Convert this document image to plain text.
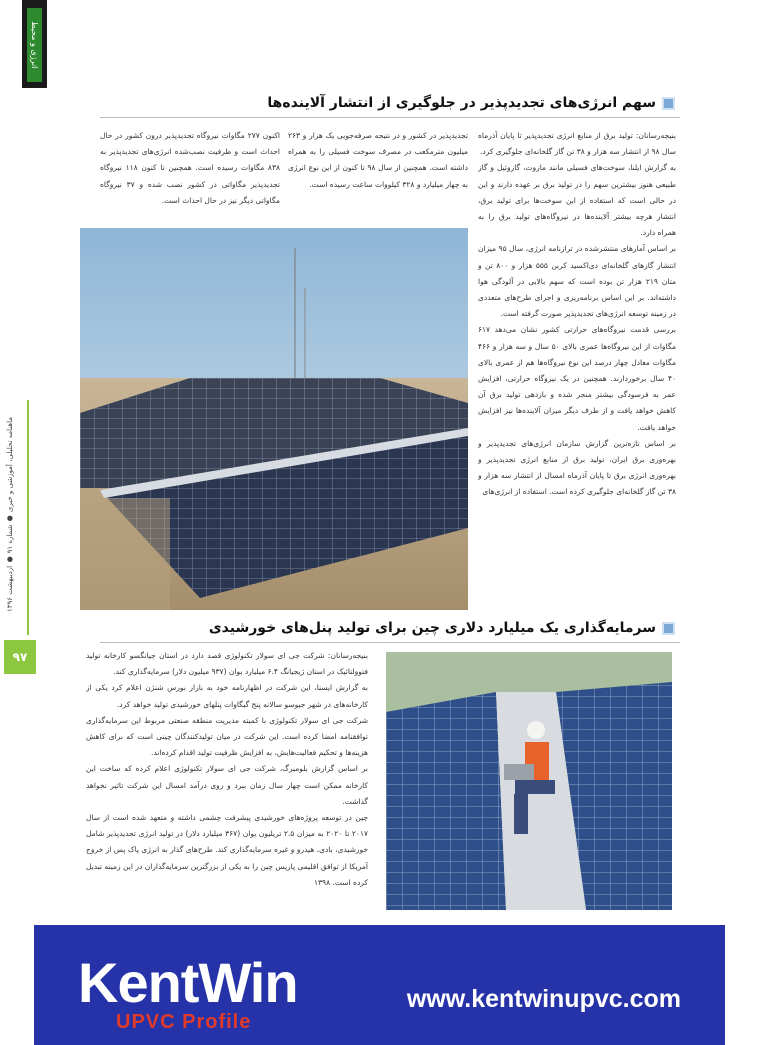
انرژی و محیط
ماهنامه تحلیلی، آموزشی و خبری ● شماره ۹۱ ● اردیبهشت ۱۳۹۶
۹۷
سهم انرژی‌های تجدیدپذیر در جلوگیری از انتشار آلاینده‌ها

بنیجه‌رسانان: تولید برق از منابع انرژی تجدیدپذیر تا پایان آذرماه سال ۹۸ از انتشار سه هزار و ۳۸ تن گاز گلخانه‌ای جلوگیری کرد.

به گزارش ایلنا، سوخت‌های فسیلی مانند مازوت، گازوئیل و گاز طبیعی هنوز بیشترین سهم را در تولید برق بر عهده دارند و این در حالی است که استفاده از این سوخت‌ها برای تولید برق، انتشار هرچه بیشتر آلاینده‌ها در نیروگاه‌های تولید برق را به همراه دارد.

بر اساس آمارهای منتشرشده در ترازنامه انرژی، سال ۹۵ میزان انتشار گازهای گلخانه‌ای دی‌اکسید کربن ۵۵۵ هزار و ۸۰۰ تن و متان ۲۱۹ هزار تن بوده است که سهم بالایی در آلودگی هوا داشته‌اند. بر این اساس برنامه‌ریزی و اجرای طرح‌های متعددی در زمینه توسعه انرژی‌های تجدیدپذیر صورت گرفته است.

بررسی قدمت نیروگاه‌های حرارتی کشور نشان می‌دهد ۶۱۷ مگاوات از این نیروگاه‌ها عمری بالای ۵۰ سال و سه هزار و ۴۶۶ مگاوات معادل چهار درصد این نوع نیروگاه‌ها هم از عمری بالای ۴۰ سال برخوردارند. همچنین در یک نیروگاه حرارتی، افزایش عمر به فرسودگی بیشتر منجر شده و بازدهی تولید برق آن کاهش خواهد یافت و از طرف دیگر میزان آلاینده‌ها نیز افزایش خواهد یافت.

بر اساس تازه‌ترین گزارش سازمان انرژی‌های تجدیدپذیر و بهره‌وری برق ایران، تولید برق از منابع انرژی تجدیدپذیر و بهره‌وری انرژی برق تا پایان آذرماه امسال از انتشار سه هزار و ۳۸ تن گاز گلخانه‌ای جلوگیری کرده است. استفاده از انرژی‌های

تجدیدپذیر در کشور و در نتیجه صرفه‌جویی یک هزار و ۲۶۳ میلیون مترمکعب در مصرف سوخت فسیلی را به همراه داشته است. همچنین از سال ۹۸ تا کنون از این نوع انرژی به چهار میلیارد و ۳۲۸ کیلووات ساعت رسیده است.

اکنون ۲۷۷ مگاوات نیروگاه تجدیدپذیر درون کشور در حال احداث است و ظرفیت نصب‌شده انرژی‌های تجدیدپذیر به ۸۳۸ مگاوات رسیده است. همچنین تا کنون ۱۱۸ نیروگاه تجدیدپذیر مگاواتی در کشور نصب شده و ۳۷ نیروگاه مگاواتی دیگر نیز در حال احداث است.

سرمایه‌گذاری یک میلیارد دلاری چین برای تولید پنل‌های خورشیدی

بنیجه‌رسانان: شرکت جی ای سولار تکنولوژی قصد دارد در استان جیانگسو کارخانه تولید فتوولتائیک در استان ژیجیانگ ۶.۴ میلیارد یوان (۹۳۷ میلیون دلار) سرمایه‌گذاری کند.

به گزارش ایسنا، این شرکت در اظهارنامه خود به بازار بورس شنژن اعلام کرد یکی از کارخانه‌های در شهر جیوسو سالانه پنج گیگاوات پنلهای خورشیدی تولید خواهد کرد.

شرکت جی ای سولار تکنولوژی با کمیته مدیریت منطقه صنعتی مربوط این سرمایه‌گذاری توافقنامه امضا کرده است. این شرکت در میان تولیدکنندگان چینی است که برای کاهش هزینه‌ها و تحکیم فعالیت‌هایش، به افزایش ظرفیت تولید اقدام کرده‌اند.

بر اساس گزارش بلومبرگ، شرکت جی ای سولار تکنولوژی اعلام کرده که ساخت این کارخانه ممکن است چهار سال زمان ببرد و روی درآمد امسال این شرکت تاثیر نخواهد گذاشت.

چین در توسعه پروژه‌های خورشیدی پیشرفت چشمی داشته و متعهد شده است از سال ۲۰۱۷ تا ۲۰۲۰ به میزان ۲.۵ تریلیون یوان (۳۶۷ میلیارد دلار) در تولید انرژی تجدیدپذیر شامل خورشیدی، بادی، هیدرو و غیره سرمایه‌گذاری کند. طرح‌های گذار به انرژی پاک پس از خروج آمریکا از توافق اقلیمی پاریس چین را به یکی از بزرگترین سرمایه‌گذاران در این زمینه تبدیل کرده است. ۱۳۹۸

KentWin
UPVC Profile
www.kentwinupvc.com
